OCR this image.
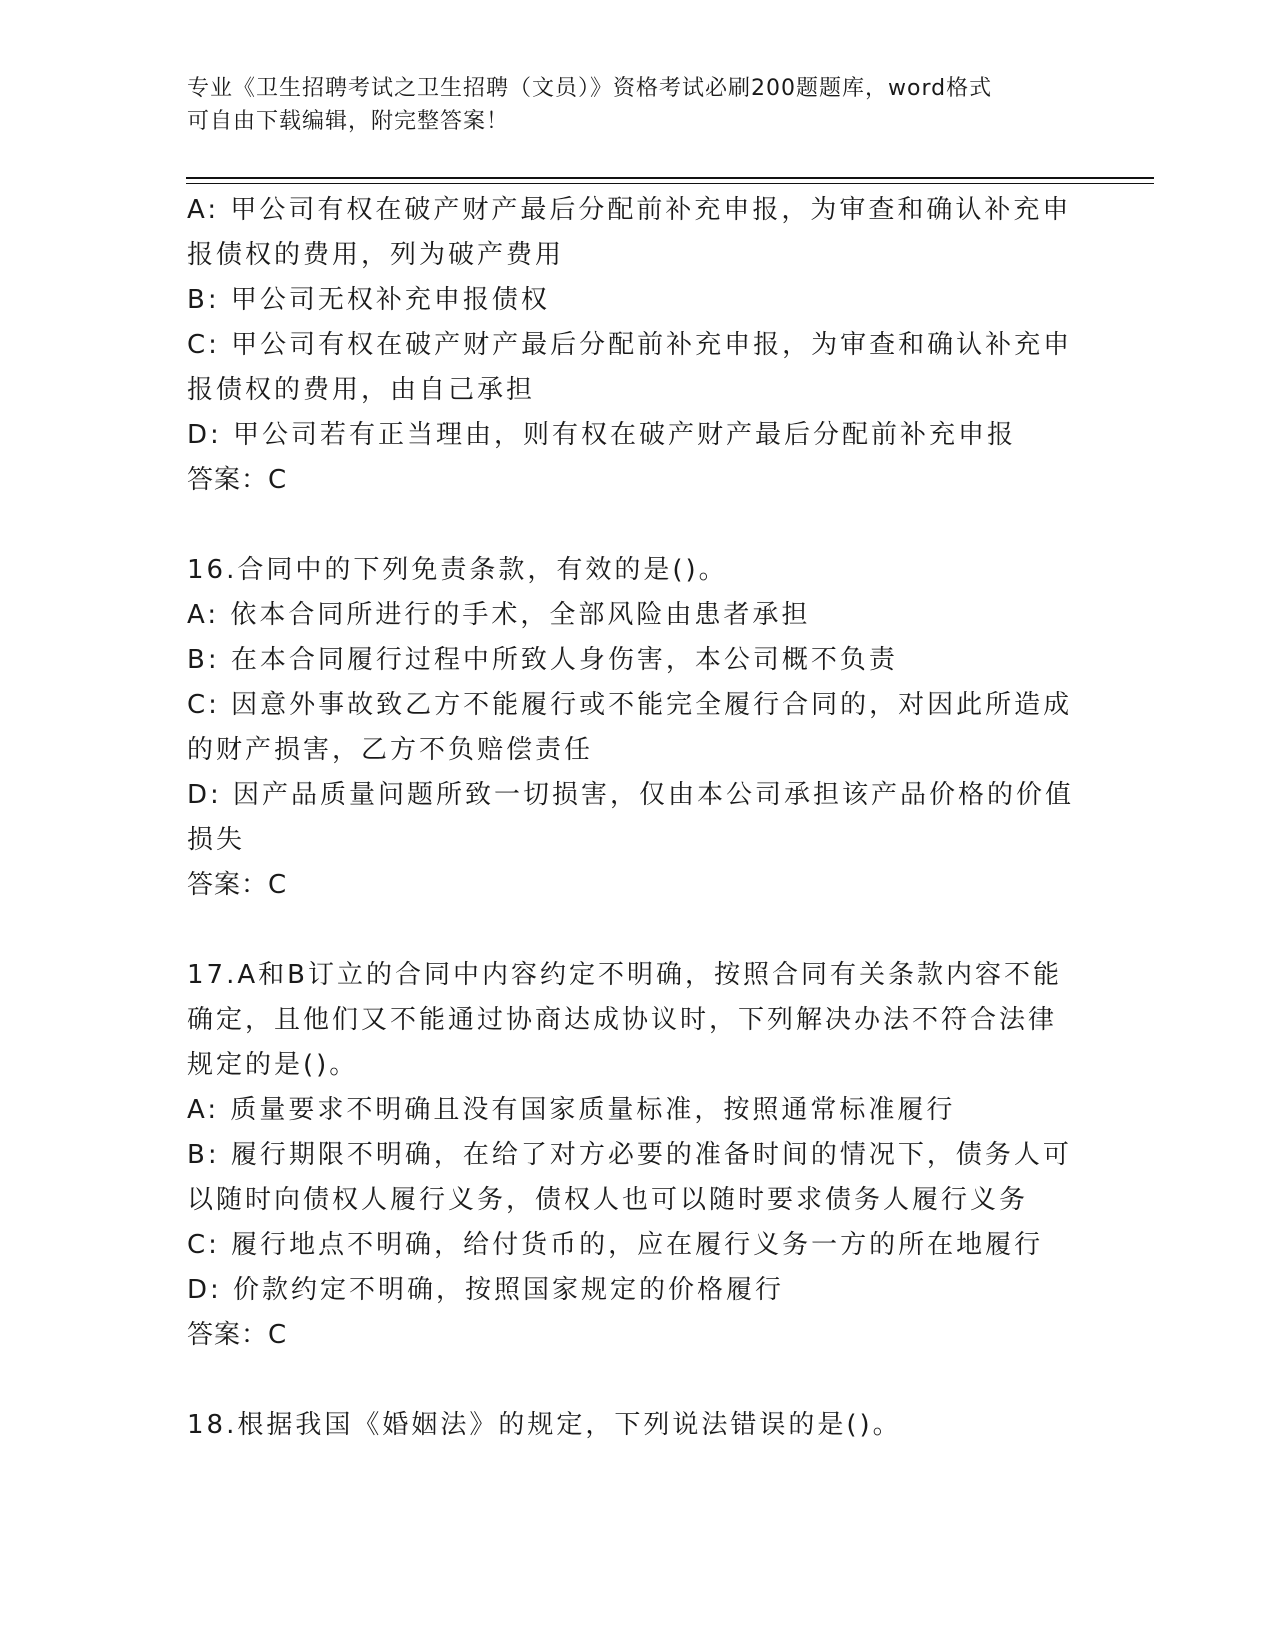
专业《卫生招聘考试之卫生招聘（文员）》资格考试必刷200题题库，word格式
可自由下载编辑，附完整答案！
A: 甲公司有权在破产财产最后分配前补充申报，为审查和确认补充申
报债权的费用，列为破产费用
B: 甲公司无权补充申报债权
C: 甲公司有权在破产财产最后分配前补充申报，为审查和确认补充申
报债权的费用，由自己承担
D: 甲公司若有正当理由，则有权在破产财产最后分配前补充申报
答案：C
16.合同中的下列免责条款，有效的是()。
A: 依本合同所进行的手术，全部风险由患者承担
B: 在本合同履行过程中所致人身伤害，本公司概不负责
C: 因意外事故致乙方不能履行或不能完全履行合同的，对因此所造成
的财产损害，乙方不负赔偿责任
D: 因产品质量问题所致一切损害，仅由本公司承担该产品价格的价值
损失
答案：C
17.A和B订立的合同中内容约定不明确，按照合同有关条款内容不能
确定，且他们又不能通过协商达成协议时，下列解决办法不符合法律
规定的是()。
A: 质量要求不明确且没有国家质量标准，按照通常标准履行
B: 履行期限不明确，在给了对方必要的准备时间的情况下，债务人可
以随时向债权人履行义务，债权人也可以随时要求债务人履行义务
C: 履行地点不明确，给付货币的，应在履行义务一方的所在地履行
D: 价款约定不明确，按照国家规定的价格履行
答案：C
18.根据我国《婚姻法》的规定，下列说法错误的是()。
